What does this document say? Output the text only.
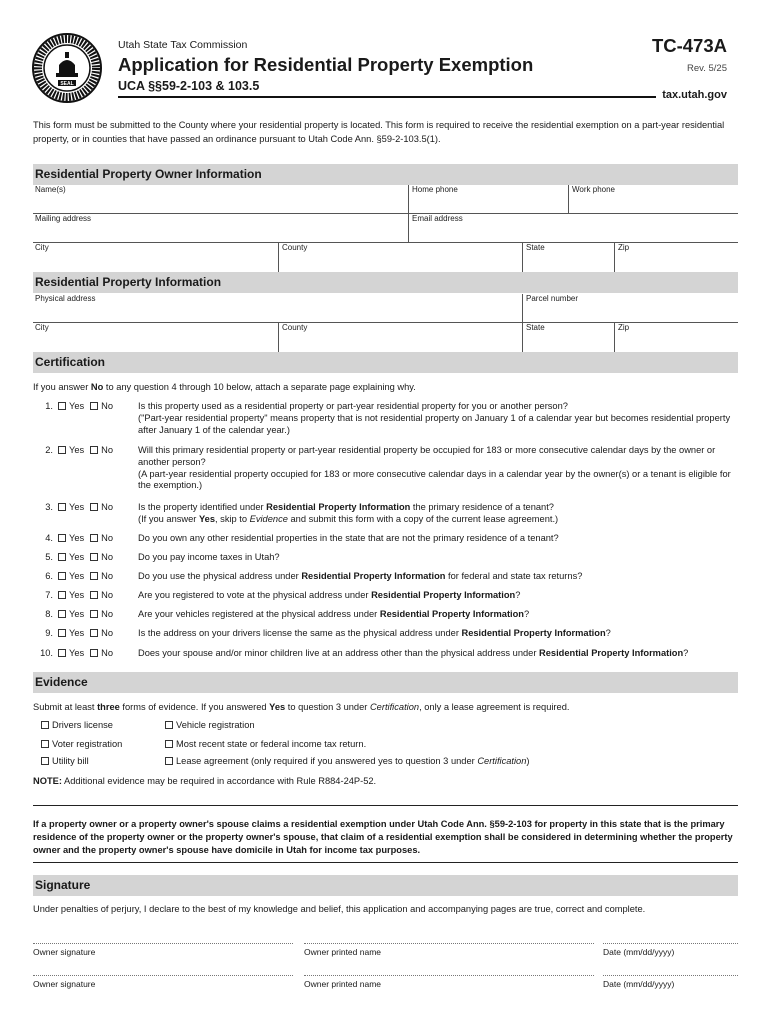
SEAL
Utah State Tax Commission
Application for Residential Property Exemption
UCA §§59-2-103 & 103.5
TC-473A
Rev. 5/25
tax.utah.gov
This form must be submitted to the County where your residential property is located. This form is required to receive the residential exemption on a part-year residential property, or in counties that have passed an ordinance pursuant to Utah Code Ann. §59-2-103.5(1).
Residential Property Owner Information
Name(s)	Home phone	Work phone
Mailing address	Email address
City	County	State	Zip
Residential Property Information
Physical address	Parcel number
City	County	State	Zip
Certification
If you answer No to any question 4 through 10 below, attach a separate page explaining why.
1.	Yes No	Is this property used as a residential property or part-year residential property for you or another person?
("Part-year residential property" means property that is not residential property on January 1 of a calendar year but becomes residential property after January 1 of the calendar year.)
2.	Yes No	Will this primary residential property or part-year residential property be occupied for 183 or more consecutive calendar days by the owner or another person?
(A part-year residential property occupied for 183 or more consecutive calendar days in a calendar year by the owner(s) or a tenant is eligible for the exemption.)
3.	Yes No	Is the property identified under Residential Property Information the primary residence of a tenant?
(If you answer Yes, skip to Evidence and submit this form with a copy of the current lease agreement.)
4.	Yes No	Do you own any other residential properties in the state that are not the primary residence of a tenant?
5.	Yes No	Do you pay income taxes in Utah?
6.	Yes No	Do you use the physical address under Residential Property Information for federal and state tax returns?
7.	Yes No	Are you registered to vote at the physical address under Residential Property Information?
8.	Yes No	Are your vehicles registered at the physical address under Residential Property Information?
9.	Yes No	Is the address on your drivers license the same as the physical address under Residential Property Information?
10.	Yes No	Does your spouse and/or minor children live at an address other than the physical address under Residential Property Information?
Evidence
Submit at least three forms of evidence. If you answered Yes to question 3 under Certification, only a lease agreement is required.
Drivers license	Vehicle registration
Voter registration	Most recent state or federal income tax return.
Utility bill	Lease agreement (only required if you answered yes to question 3 under Certification)
NOTE: Additional evidence may be required in accordance with Rule R884-24P-52.
If a property owner or a property owner's spouse claims a residential exemption under Utah Code Ann. §59-2-103 for property in this state that is the primary residence of the property owner or the property owner's spouse, that claim of a residential exemption shall be considered in determining whether the property owner and the property owner's spouse have domicile in Utah for income tax purposes.
Signature
Under penalties of perjury, I declare to the best of my knowledge and belief, this application and accompanying pages are true, correct and complete.
Owner signature	Owner printed name	Date (mm/dd/yyyy)
Owner signature	Owner printed name	Date (mm/dd/yyyy)
